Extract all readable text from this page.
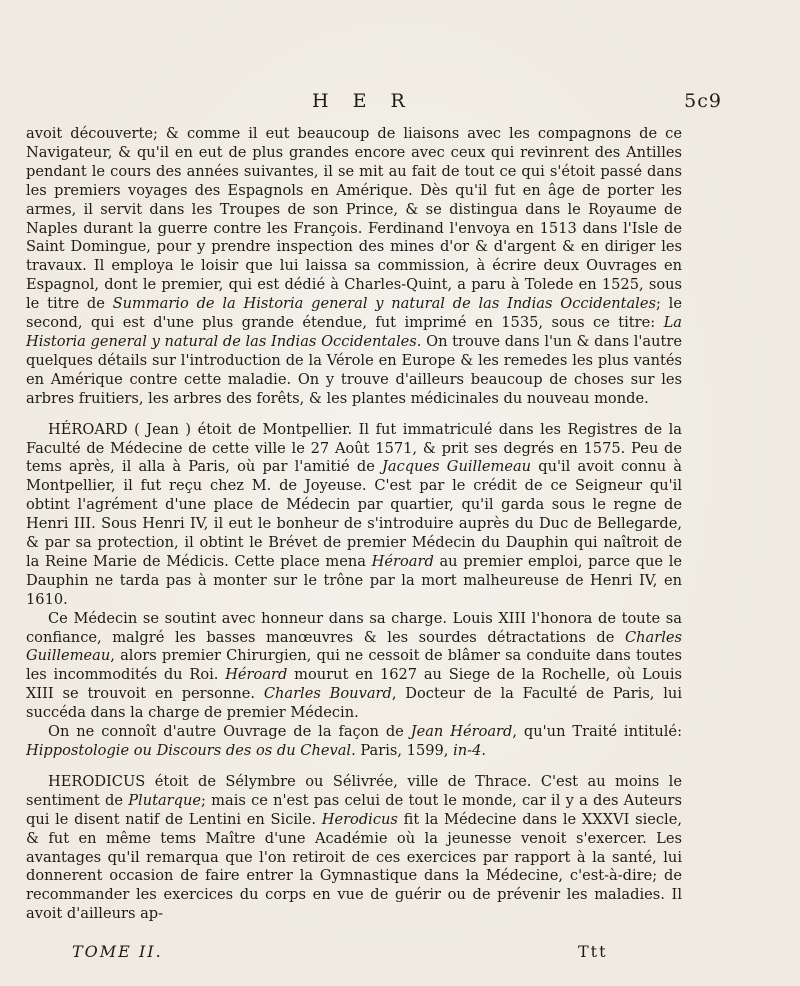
H E R	5c9

avoit découverte; & comme il eut beaucoup de liaisons avec les compagnons de ce Navigateur, & qu'il en eut de plus grandes encore avec ceux qui revinrent des Antilles pendant le cours des années suivantes, il se mit au fait de tout ce qui s'étoit passé dans les premiers voyages des Espagnols en Amérique. Dès qu'il fut en âge de porter les armes, il servit dans les Troupes de son Prince, & se distingua dans le Royaume de Naples durant la guerre contre les François. Ferdinand l'envoya en 1513 dans l'Isle de Saint Domingue, pour y prendre inspection des mines d'or & d'argent & en diriger les travaux. Il employa le loisir que lui laissa sa commission, à écrire deux Ouvrages en Espagnol, dont le premier, qui est dédié à Charles-Quint, a paru à Tolede en 1525, sous le titre de Summario de la Historia general y natural de las Indias Occidentales; le second, qui est d'une plus grande étendue, fut imprimé en 1535, sous ce titre: La Historia general y natural de las Indias Occidentales. On trouve dans l'un & dans l'autre quelques détails sur l'introduction de la Vérole en Europe & les remedes les plus vantés en Amérique contre cette maladie. On y trouve d'ailleurs beaucoup de choses sur les arbres fruitiers, les arbres des forêts, & les plantes médicinales du nouveau monde.

HÉROARD ( Jean ) étoit de Montpellier. Il fut immatriculé dans les Registres de la Faculté de Médecine de cette ville le 27 Août 1571, & prit ses degrés en 1575. Peu de tems après, il alla à Paris, où par l'amitié de Jacques Guillemeau qu'il avoit connu à Montpellier, il fut reçu chez M. de Joyeuse. C'est par le crédit de ce Seigneur qu'il obtint l'agrément d'une place de Médecin par quartier, qu'il garda sous le regne de Henri III. Sous Henri IV, il eut le bonheur de s'introduire auprès du Duc de Bellegarde, & par sa protection, il obtint le Brévet de premier Médecin du Dauphin qui naîtroit de la Reine Marie de Médicis. Cette place mena Héroard au premier emploi, parce que le Dauphin ne tarda pas à monter sur le trône par la mort malheureuse de Henri IV, en 1610.

Ce Médecin se soutint avec honneur dans sa charge. Louis XIII l'honora de toute sa confiance, malgré les basses manœuvres & les sourdes détractations de Charles Guillemeau, alors premier Chirurgien, qui ne cessoit de blâmer sa conduite dans toutes les incommodités du Roi. Héroard mourut en 1627 au Siege de la Rochelle, où Louis XIII se trouvoit en personne. Charles Bouvard, Docteur de la Faculté de Paris, lui succéda dans la charge de premier Médecin.

On ne connoît d'autre Ouvrage de la façon de Jean Héroard, qu'un Traité intitulé: Hippostologie ou Discours des os du Cheval. Paris, 1599, in-4.

HERODICUS étoit de Sélymbre ou Sélivrée, ville de Thrace. C'est au moins le sentiment de Plutarque; mais ce n'est pas celui de tout le monde, car il y a des Auteurs qui le disent natif de Lentini en Sicile. Herodicus fit la Médecine dans le XXXVI siecle, & fut en même tems Maître d'une Académie où la jeunesse venoit s'exercer. Les avantages qu'il remarqua que l'on retiroit de ces exercices par rapport à la santé, lui donnerent occasion de faire entrer la Gymnastique dans la Médecine, c'est-à-dire; de recommander les exercices du corps en vue de guérir ou de prévenir les maladies. Il avoit d'ailleurs ap-

TOME II.	Ttt
